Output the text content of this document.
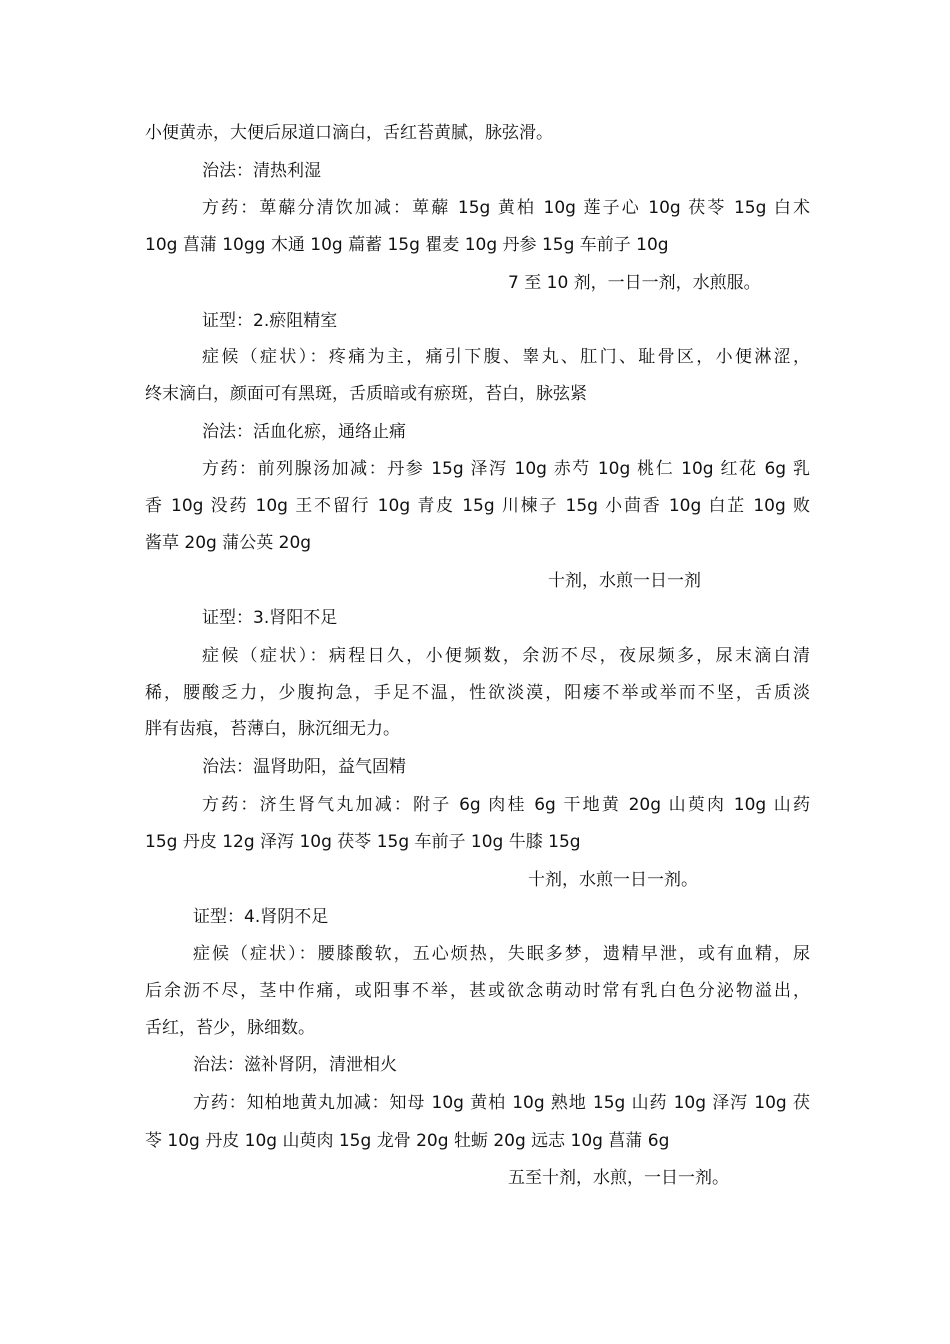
小便黄赤，大便后尿道口滴白，舌红苔黄腻，脉弦滑。
治法：清热利湿
方药：萆薢分清饮加减：萆薢 15g 黄柏 10g 莲子心 10g 茯苓 15g 白术
10g 菖蒲 10gg 木通 10g 萹蓄 15g 瞿麦 10g 丹参 15g 车前子 10g
7 至 10 剂，一日一剂，水煎服。
证型：2.瘀阻精室
症候（症状）：疼痛为主，痛引下腹、睾丸、肛门、耻骨区，小便淋涩，
终末滴白，颜面可有黑斑，舌质暗或有瘀斑，苔白，脉弦紧
治法：活血化瘀，通络止痛
方药：前列腺汤加减：丹参 15g 泽泻 10g 赤芍 10g 桃仁 10g 红花 6g 乳
香 10g 没药 10g 王不留行 10g 青皮 15g 川楝子 15g 小茴香 10g 白芷 10g 败
酱草 20g 蒲公英 20g
十剂，水煎一日一剂
证型：3.肾阳不足
症候（症状）：病程日久，小便频数，余沥不尽，夜尿频多，尿末滴白清
稀，腰酸乏力，少腹拘急，手足不温，性欲淡漠，阳痿不举或举而不坚，舌质淡
胖有齿痕，苔薄白，脉沉细无力。
治法：温肾助阳，益气固精
方药：济生肾气丸加减：附子 6g 肉桂 6g 干地黄 20g 山萸肉 10g 山药
15g 丹皮 12g 泽泻 10g 茯苓 15g 车前子 10g 牛膝 15g
十剂，水煎一日一剂。
证型：4.肾阴不足
症候（症状）：腰膝酸软，五心烦热，失眠多梦，遗精早泄，或有血精，尿
后余沥不尽，茎中作痛，或阳事不举，甚或欲念萌动时常有乳白色分泌物溢出，
舌红，苔少，脉细数。
治法：滋补肾阴，清泄相火
方药：知柏地黄丸加减：知母 10g 黄柏 10g 熟地 15g 山药 10g 泽泻 10g 茯
苓 10g 丹皮 10g 山萸肉 15g 龙骨 20g 牡蛎 20g 远志 10g 菖蒲 6g
五至十剂，水煎，一日一剂。
